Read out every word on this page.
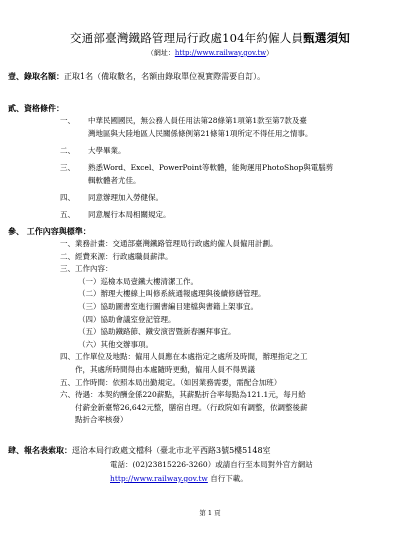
交通部臺灣鐵路管理局行政處104年約僱人員甄選須知
（網址：http://www.railway.gov.tw）
壹、錄取名額：正取1名（備取數名，名額由錄取單位視實際需要自訂）。
貳、資格條件：
一、 中華民國國民，無公務人員任用法第28條第1項第1款至第7款及臺
灣地區與大陸地區人民關係條例第21條第1項所定不得任用之情事。
二、 大學畢業。
三、 熟悉Word、Excel、PowerPoint等軟體，能夠運用PhotoShop與電腦剪
輯軟體者尤佳。
四、 同意辦理加入勞健保。
五、 同意履行本局相關規定。
參、 工作內容與標準：
一、業務計畫：交通部臺灣鐵路管理局行政處約僱人員僱用計劃。
二、經費來源：行政處職員薪津。
三、工作內容：
（一）巡檢本局壹鐵大樓清潔工作。
（二）辦理大樓線上叫修系統通報處理與後續修繕管理。
（三）協助圖書室進行圖書編目建檔與書籍上架事宜。
（四）協助會議室登記管理。
（五）協助鐵路節、鐵安演習暨新春團拜事宜。
（六）其他交辦事項。
四、工作單位及地點：僱用人員應在本處指定之處所及時間，辦理指定之工
　　作，其處所時間得由本處隨時更動，僱用人員不得異議
五、工作時間：依照本局出勤規定。（如因業務需要，需配合加班）
六、待遇：本契約酬金係220薪點，其薪點折合率每點為121.1元，每月給
　　付薪金新臺幣26,642元整，膳宿自理。（行政院如有調整，依調整後薪
　　點折合率核發）
肆、報名表索取：逕洽本局行政處文檔科（臺北市北平西路3號5樓5148室
電話：(02)23815226-3260）或請自行至本局對外官方網站
http://www.railway.gov.tw 自行下載。
第 1 頁
